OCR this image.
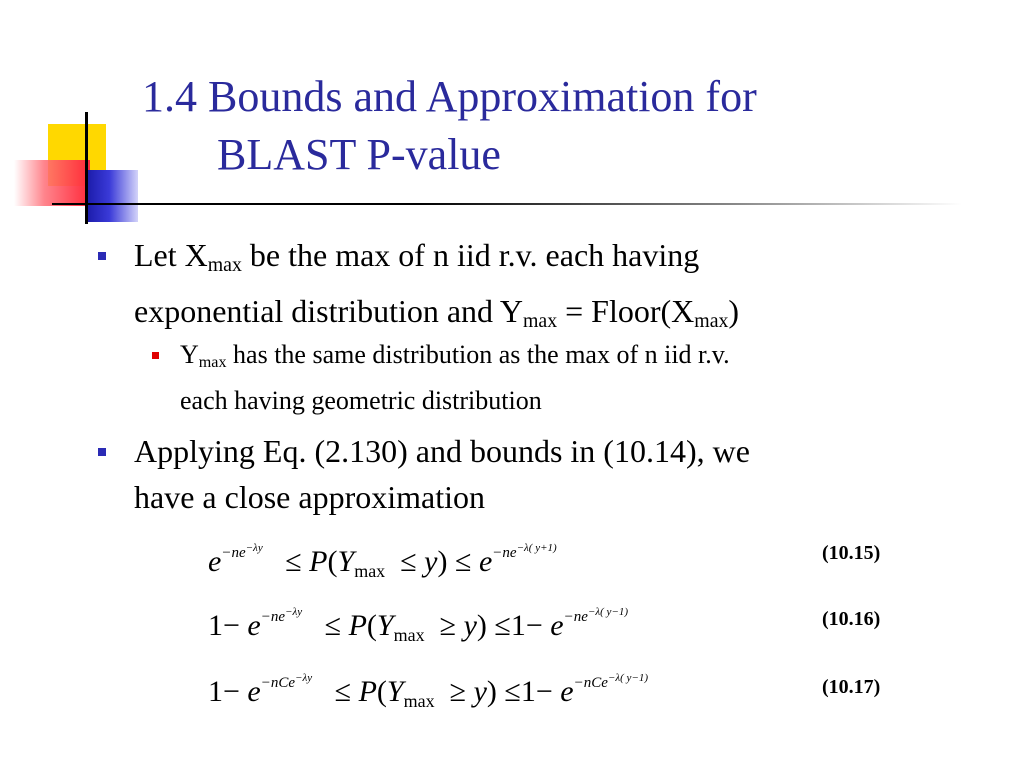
1.4 Bounds and Approximation for
BLAST P-value
Let $X_{max}$ be the max of n iid r.v. each having
exponential distribution and $Y_{max}$ = $Floor(X_{max})$
$Y_{max}$ has the same distribution as the max of n iid r.v.
each having geometric distribution
Applying Eq. (2.130) and bounds in (10.14), we
have a close approximation
$e^{-ne^{-\lambda y}} \le P(Y_{max} \le y) \le e^{-ne^{-\lambda( y+1)}}$	(10.15)
$1- e^{-ne^{-\lambda y}} \le P(Y_{max} \ge y) \le 1- e^{-ne^{-\lambda( y-1)}}$	(10.16)
$1- e^{-nCe^{-\lambda y}} \le P(Y_{max} \ge y) \le 1- e^{-nCe^{-\lambda( y-1)}}$	(10.17)
